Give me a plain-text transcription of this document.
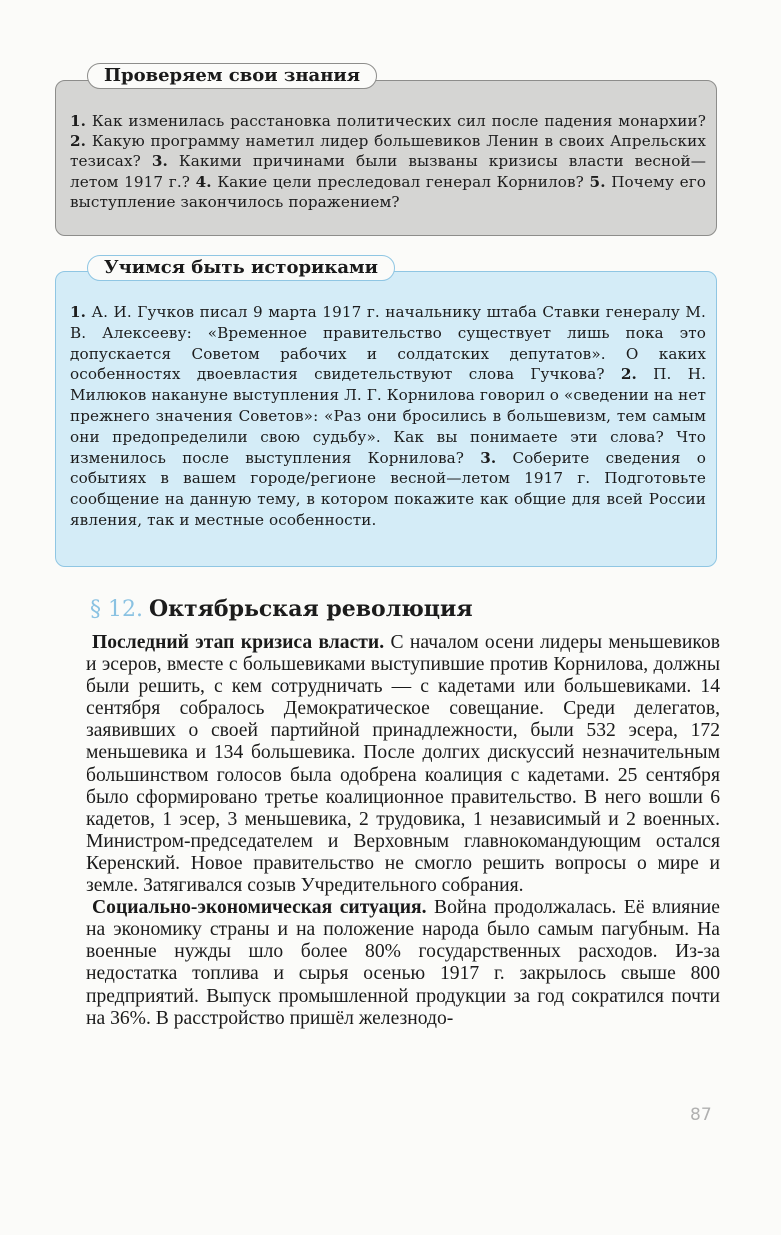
1. Как изменилась расстановка политических сил после падения монархии? 2. Какую программу наметил лидер большевиков Ленин в своих Апрельских тезисах? 3. Какими причинами были вызваны кризисы власти весной—летом 1917 г.? 4. Какие цели преследовал генерал Корнилов? 5. Почему его выступление закончилось поражением?
Проверяем свои знания
1. А. И. Гучков писал 9 марта 1917 г. начальнику штаба Ставки генералу М. В. Алексееву: «Временное правительство существует лишь пока это допускается Советом рабочих и солдатских депутатов». О каких особенностях двоевластия свидетельствуют слова Гучкова? 2. П. Н. Милюков накануне выступления Л. Г. Корнилова говорил о «сведении на нет прежнего значения Советов»: «Раз они бросились в большевизм, тем самым они предопределили свою судьбу». Как вы понимаете эти слова? Что изменилось после выступления Корнилова? 3. Соберите сведения о событиях в вашем городе/регионе весной—летом 1917 г. Подготовьте сообщение на данную тему, в котором покажите как общие для всей России явления, так и местные особенности.
Учимся быть историками
§ 12. Октябрьская революция

Последний этап кризиса власти. С началом осени лидеры меньшевиков и эсеров, вместе с большевиками выступившие против Корнилова, должны были решить, с кем сотрудничать — с кадетами или большевиками. 14 сентября собралось Демократическое совещание. Среди делегатов, заявивших о своей партийной принадлежности, были 532 эсера, 172 меньшевика и 134 большевика. После долгих дискуссий незначительным большинством голосов была одобрена коалиция с кадетами. 25 сентября было сформировано третье коалиционное правительство. В него вошли 6 кадетов, 1 эсер, 3 меньшевика, 2 трудовика, 1 независимый и 2 военных. Министром-председателем и Верховным главнокомандующим остался Керенский. Новое правительство не смогло решить вопросы о мире и земле. Затягивался созыв Учредительного собрания.

Социально-экономическая ситуация. Война продолжалась. Её влияние на экономику страны и на положение народа было самым пагубным. На военные нужды шло более 80% государственных расходов. Из-за недостатка топлива и сырья осенью 1917 г. закрылось свыше 800 предприятий. Выпуск промышленной продукции за год сократился почти на 36%. В расстройство пришёл железнодо-

87
